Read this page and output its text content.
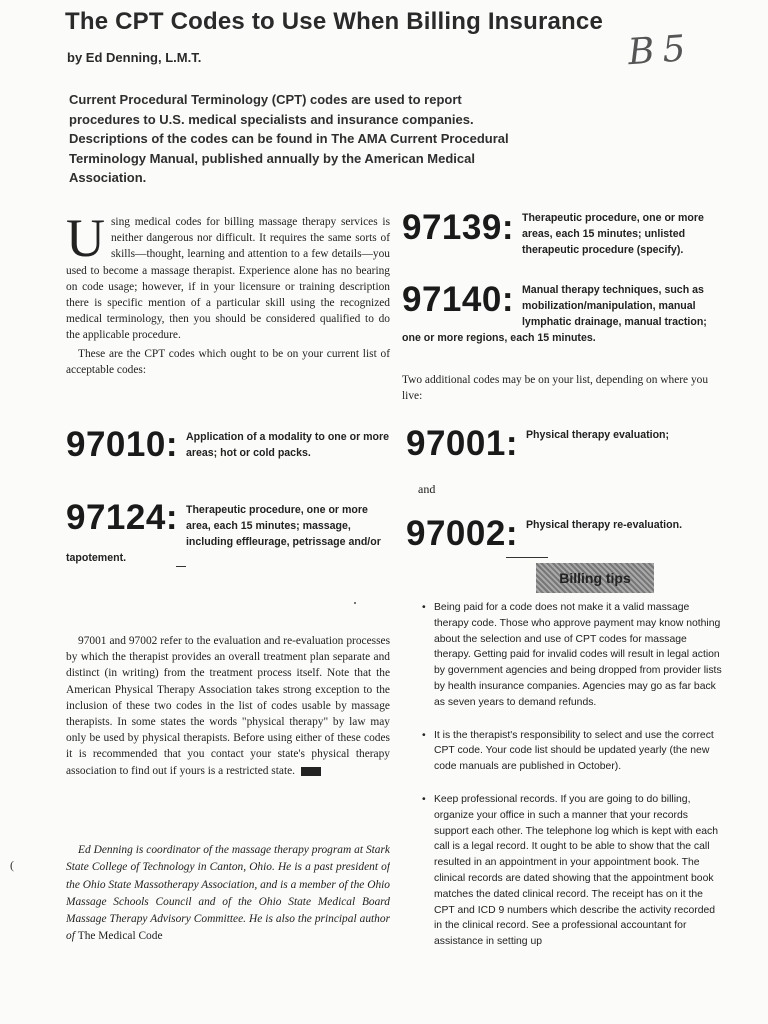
The CPT Codes to Use When Billing Insurance
by Ed Denning, L.M.T.	B5
Current Procedural Terminology (CPT) codes are used to report procedures to U.S. medical specialists and insurance companies. Descriptions of the codes can be found in The AMA Current Procedural Terminology Manual, published annually by the American Medical Association.
U sing medical codes for billing massage therapy services is neither dangerous nor difficult. It requires the same sorts of skills—thought, learning and attention to a few details—you used to become a massage therapist. Experience alone has no bearing on code usage; however, if in your licensure or training description there is specific mention of a particular skill using the recognized medical terminology, then you should be considered qualified to do the applicable procedure.

These are the CPT codes which ought to be on your current list of acceptable codes:

97010: Application of a modality to one or more areas; hot or cold packs.
97124: Therapeutic procedure, one or more area, each 15 minutes; massage, including effleurage, petrissage and/or tapotement.

97001 and 97002 refer to the evaluation and re-evaluation processes by which the therapist provides an overall treatment plan separate and distinct (in writing) from the treatment process itself. Note that the American Physical Therapy Association takes strong exception to the inclusion of these two codes in the list of codes usable by massage therapists. In some states the words "physical therapy" by law may only be used by physical therapists. Before using either of these codes it is recommended that you contact your state's physical therapy association to find out if yours is a restricted state.

Ed Denning is coordinator of the massage therapy program at Stark State College of Technology in Canton, Ohio. He is a past president of the Ohio State Massotherapy Association, and is a member of the Ohio Massage Schools Council and of the Ohio State Medical Board Massage Therapy Advisory Committee. He is also the principal author of The Medical Code

(
97139: Therapeutic procedure, one or more areas, each 15 minutes; unlisted therapeutic procedure (specify).
97140: Manual therapy techniques, such as mobilization/manipulation, manual lymphatic drainage, manual traction; one or more regions, each 15 minutes.
Two additional codes may be on your list, depending on where you live:
97001: Physical therapy evaluation;
and
97002: Physical therapy re-evaluation.
Billing tips
• Being paid for a code does not make it a valid massage therapy code. Those who approve payment may know nothing about the selection and use of CPT codes for massage therapy. Getting paid for invalid codes will result in legal action by government agencies and being dropped from provider lists by health insurance companies. Agencies may go as far back as seven years to demand refunds.
• It is the therapist's responsibility to select and use the correct CPT code. Your code list should be updated yearly (the new code manuals are published in October).
• Keep professional records. If you are going to do billing, organize your office in such a manner that your records support each other. The telephone log which is kept with each call is a legal record. It ought to be able to show that the call resulted in an appointment in your appointment book. The clinical records are dated showing that the appointment book matches the dated clinical record. The receipt has on it the CPT and ICD 9 numbers which describe the activity recorded in the clinical record. See a professional accountant for assistance in setting up
